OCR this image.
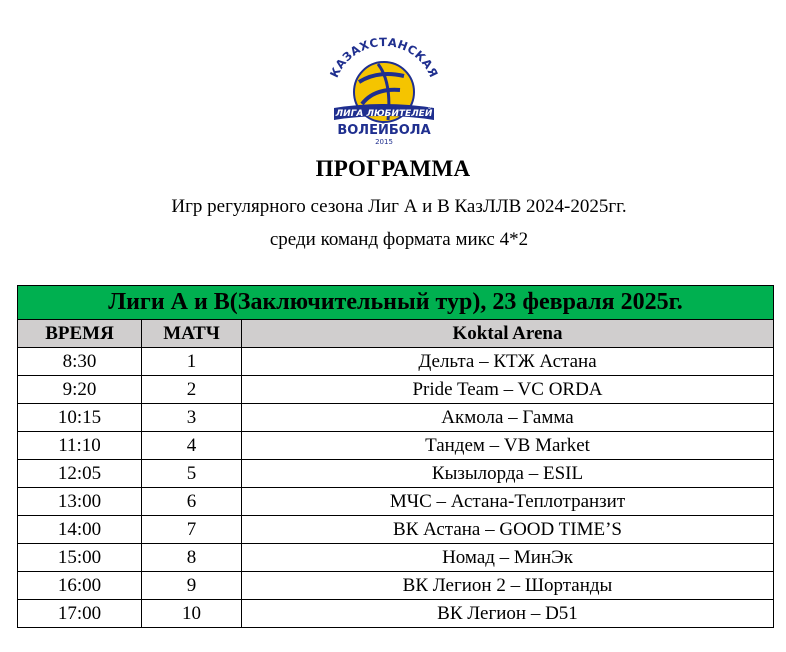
КАЗАХСТАНСКАЯ
ЛИГА ЛЮБИТЕЛЕЙ
ВОЛЕЙБОЛА
2015
ПРОГРАММА
Игр регулярного сезона Лиг А и В КазЛЛВ 2024-2025гг.
среди команд формата микс 4*2
Лиги А и В(Заключительный тур), 23 февраля 2025г.		
ВРЕМЯ	МАТЧ	Koktal Arena
8:30	1	Дельта – КТЖ Астана
9:20	2	Pride Team – VC ORDA
10:15	3	Акмола – Гамма
11:10	4	Тандем – VB Market
12:05	5	Кызылорда – ESIL
13:00	6	МЧС – Астана-Теплотранзит
14:00	7	ВК Астана – GOOD TIME’S
15:00	8	Номад – МинЭк
16:00	9	ВК Легион 2 – Шортанды
17:00	10	ВК Легион – D51
